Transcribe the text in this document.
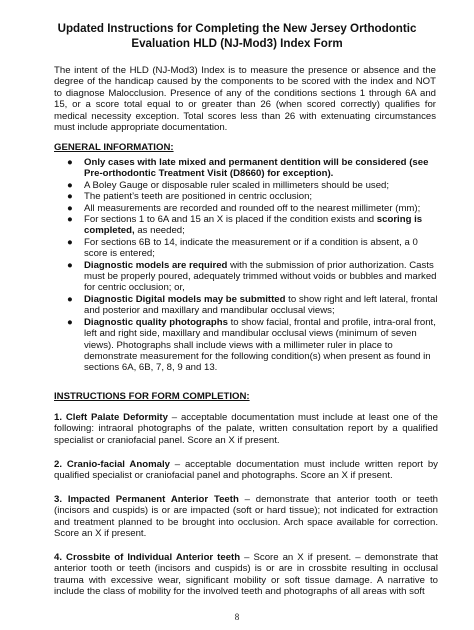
Updated Instructions for Completing the New Jersey Orthodontic
Evaluation HLD (NJ-Mod3) Index Form
The intent of the HLD (NJ-Mod3) Index is to measure the presence or absence and the degree of the handicap caused by the components to be scored with the index and NOT to diagnose Malocclusion. Presence of any of the conditions sections 1 through 6A and 15, or a score total equal to or greater than 26 (when scored correctly) qualifies for medical necessity exception. Total scores less than 26 with extenuating circumstances must include appropriate documentation.
GENERAL INFORMATION:
● Only cases with late mixed and permanent dentition will be considered (see Pre-orthodontic Treatment Visit (D8660) for exception).
● A Boley Gauge or disposable ruler scaled in millimeters should be used;
● The patient’s teeth are positioned in centric occlusion;
● All measurements are recorded and rounded off to the nearest millimeter (mm);
● For sections 1 to 6A and 15 an X is placed if the condition exists and scoring is completed, as needed;
● For sections 6B to 14, indicate the measurement or if a condition is absent, a 0 score is entered;
● Diagnostic models are required with the submission of prior authorization. Casts must be properly poured, adequately trimmed without voids or bubbles and marked for centric occlusion; or,
● Diagnostic Digital models may be submitted to show right and left lateral, frontal and posterior and maxillary and mandibular occlusal views;
● Diagnostic quality photographs to show facial, frontal and profile, intra-oral front, left and right side, maxillary and mandibular occlusal views (minimum of seven views). Photographs shall include views with a millimeter ruler in place to demonstrate measurement for the following condition(s) when present as found in sections 6A, 6B, 7, 8, 9 and 13.
INSTRUCTIONS FOR FORM COMPLETION:
1. Cleft Palate Deformity – acceptable documentation must include at least one of the following: intraoral photographs of the palate, written consultation report by a qualified specialist or craniofacial panel. Score an X if present.
2. Cranio-facial Anomaly – acceptable documentation must include written report by qualified specialist or craniofacial panel and photographs. Score an X if present.
3. Impacted Permanent Anterior Teeth – demonstrate that anterior tooth or teeth (incisors and cuspids) is or are impacted (soft or hard tissue); not indicated for extraction and treatment planned to be brought into occlusion. Arch space available for correction. Score an X if present.
4. Crossbite of Individual Anterior teeth – Score an X if present. – demonstrate that anterior tooth or teeth (incisors and cuspids) is or are in crossbite resulting in occlusal trauma with excessive wear, significant mobility or soft tissue damage. A narrative to include the class of mobility for the involved teeth and photographs of all areas with soft
8
